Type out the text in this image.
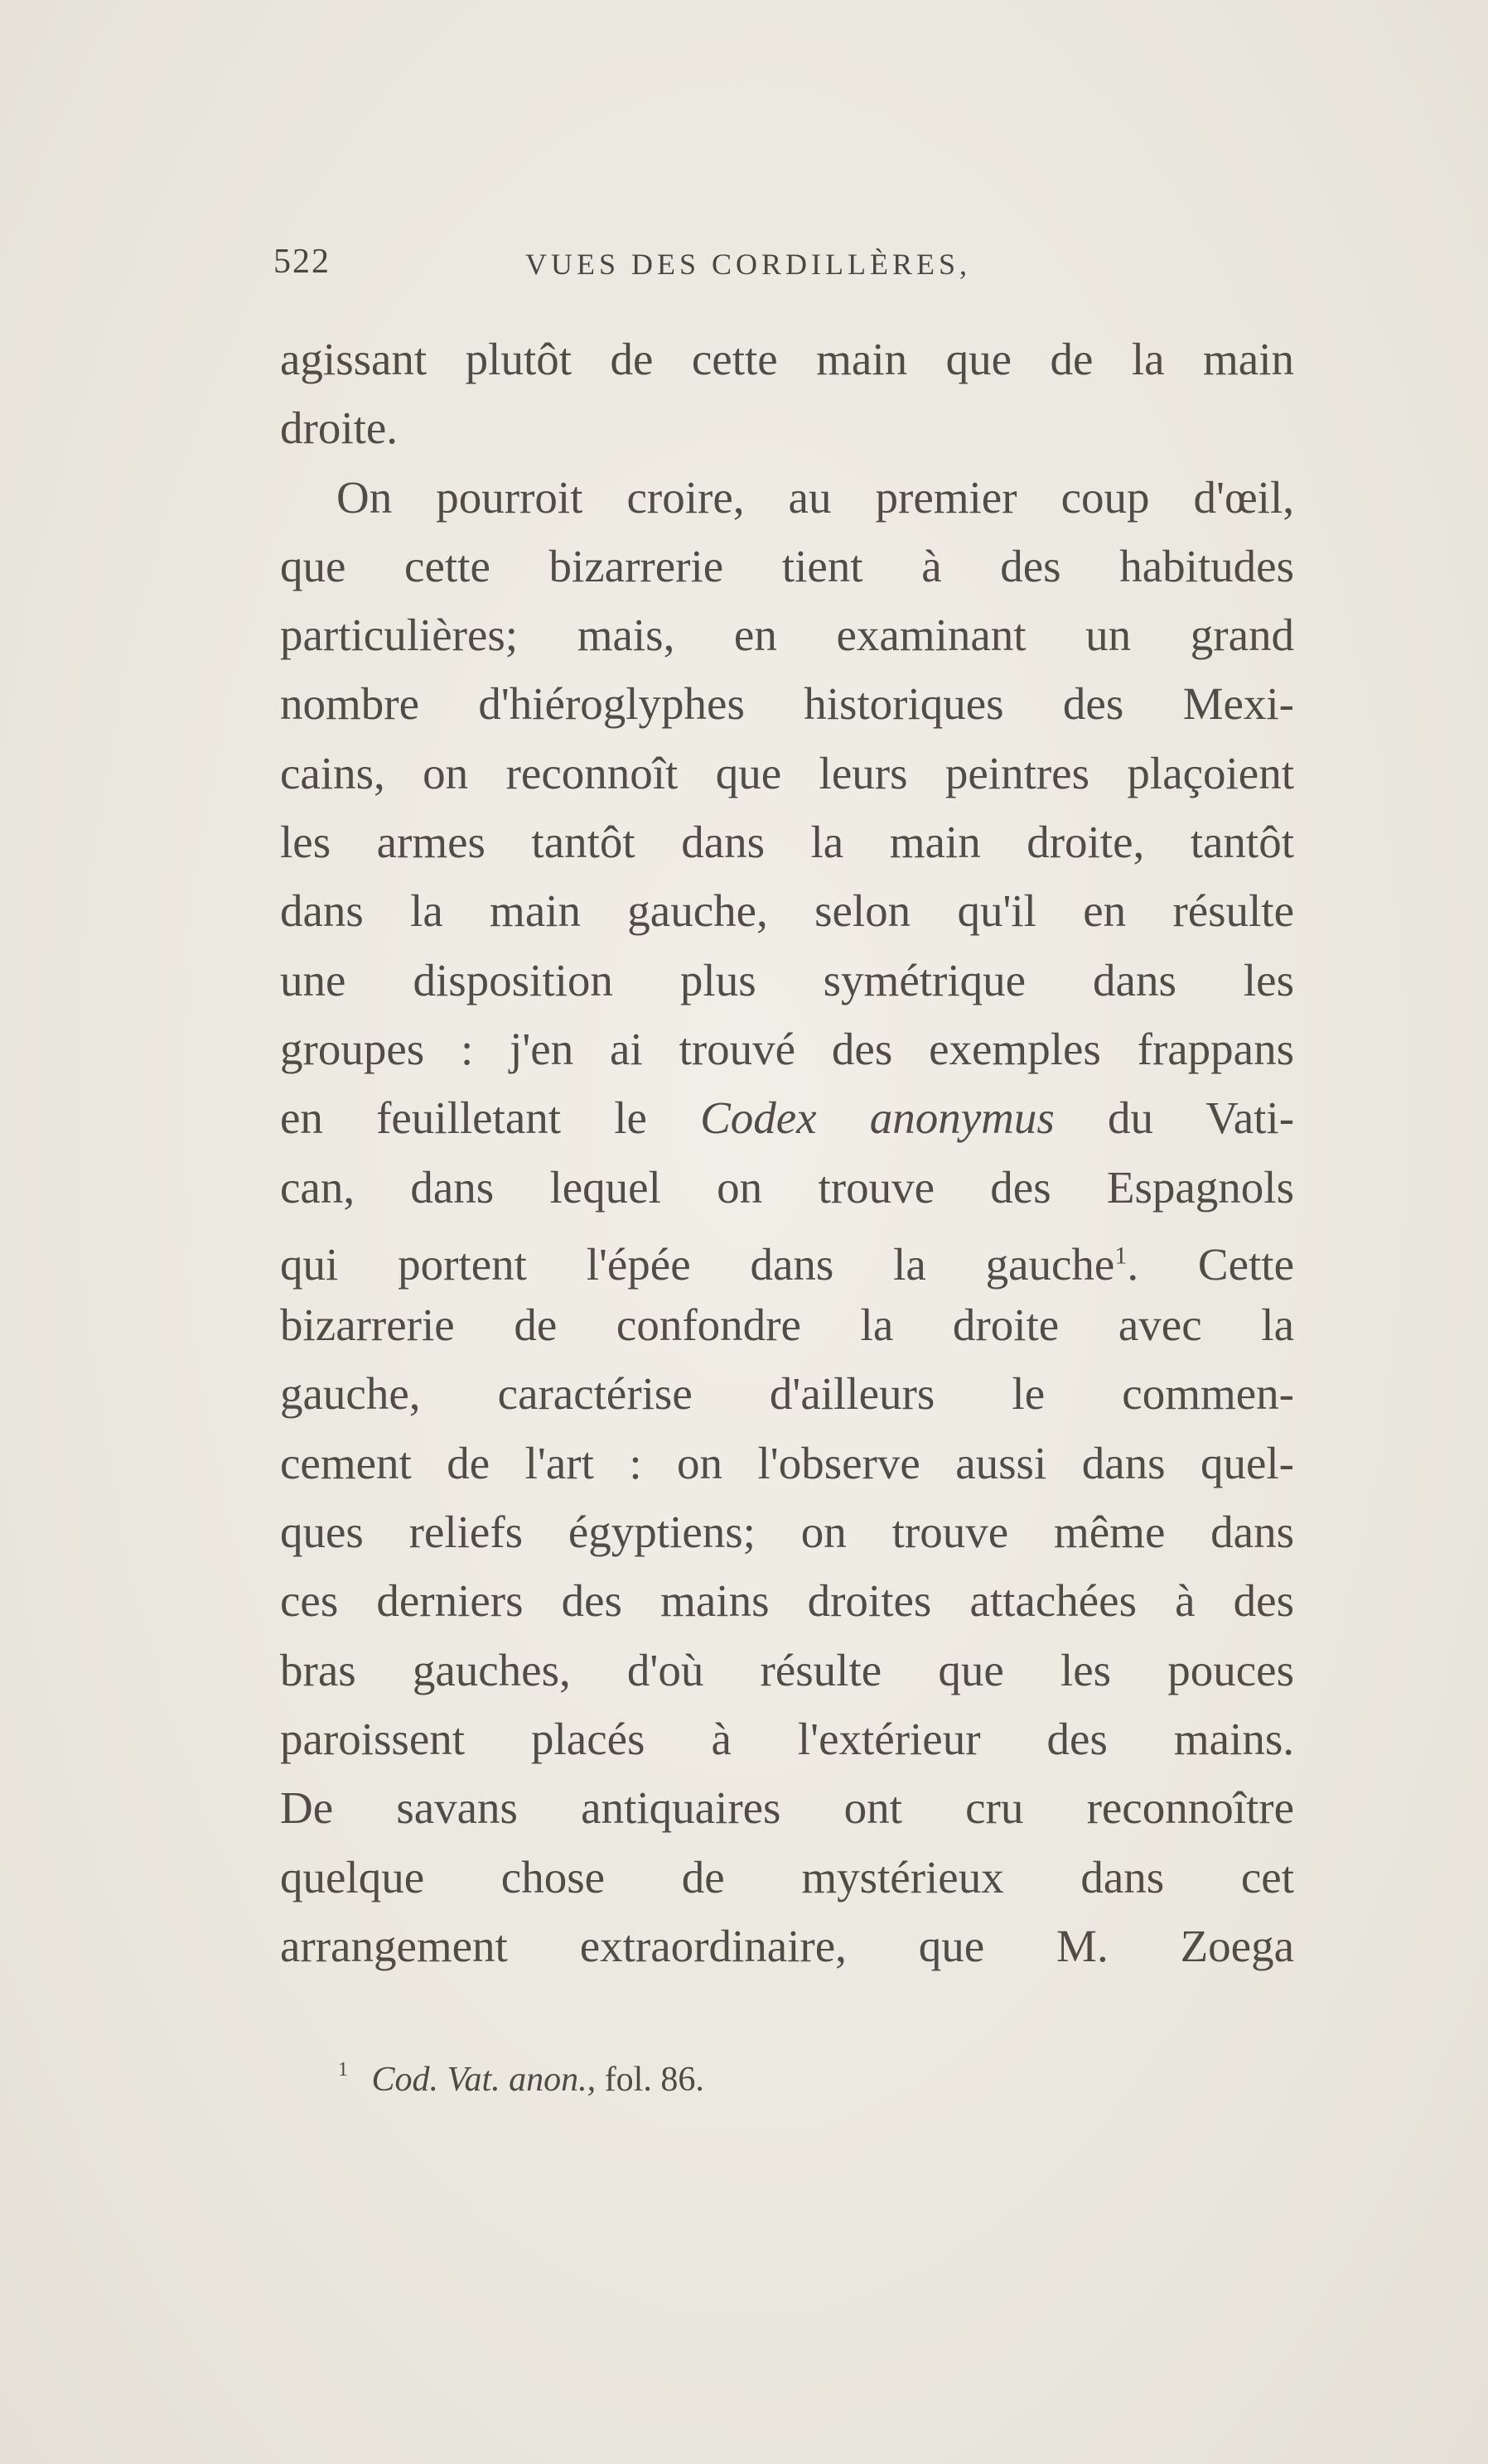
522	VUES DES CORDILLÈRES,
agissant plutôt de cette main que de la main
droite.
On pourroit croire, au premier coup d'œil,
que cette bizarrerie tient à des habitudes
particulières; mais, en examinant un grand
nombre d'hiéroglyphes historiques des Mexi-
cains, on reconnoît que leurs peintres plaçoient
les armes tantôt dans la main droite, tantôt
dans la main gauche, selon qu'il en résulte
une disposition plus symétrique dans les
groupes : j'en ai trouvé des exemples frappans
en feuilletant le Codex anonymus du Vati-
can, dans lequel on trouve des Espagnols
qui portent l'épée dans la gauche$^1$. Cette
bizarrerie de confondre la droite avec la
gauche, caractérise d'ailleurs le commen-
cement de l'art : on l'observe aussi dans quel-
ques reliefs égyptiens; on trouve même dans
ces derniers des mains droites attachées à des
bras gauches, d'où résulte que les pouces
paroissent placés à l'extérieur des mains.
De savans antiquaires ont cru reconnoître
quelque chose de mystérieux dans cet
arrangement extraordinaire, que M. Zoega
$^1$ Cod. Vat. anon., fol. 86.
